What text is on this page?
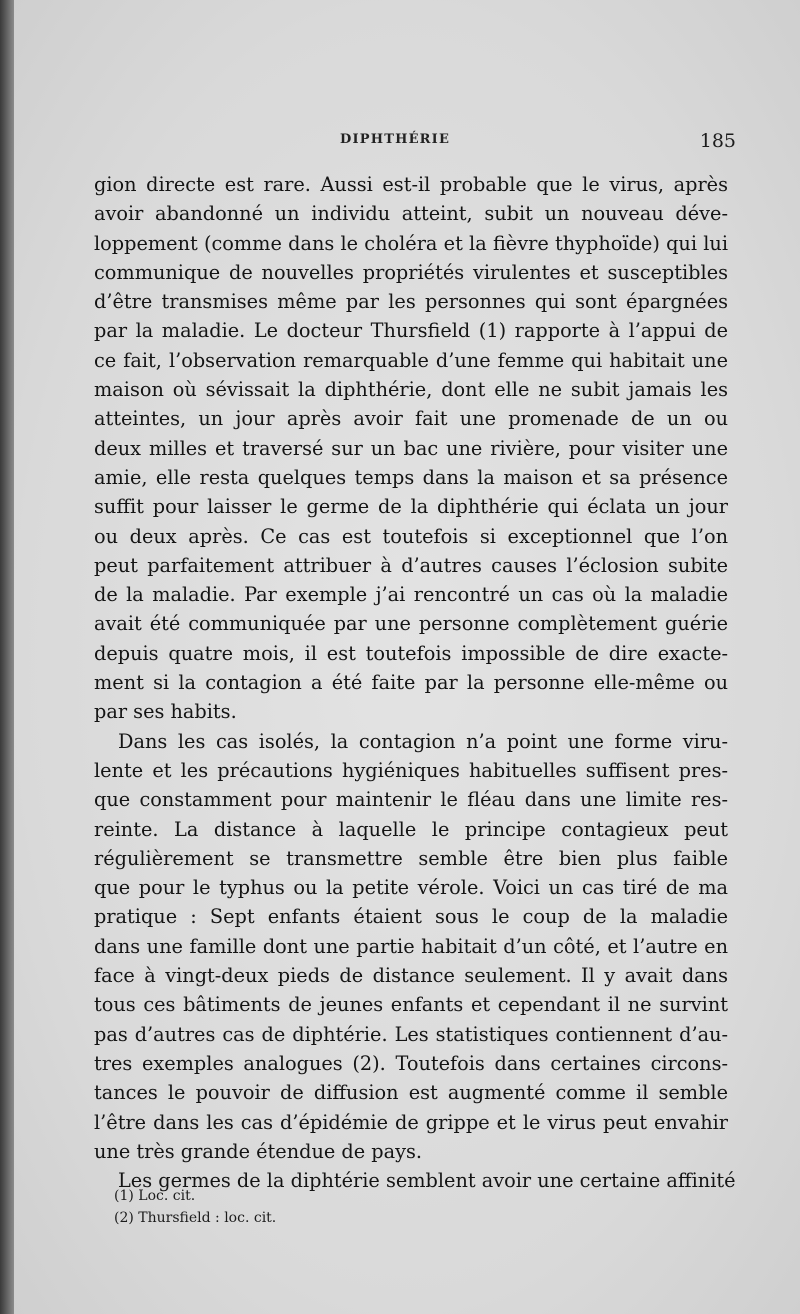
DIPHTHÉRIE	185
gion directe est rare. Aussi est-il probable que le virus, après
avoir abandonné un individu atteint, subit un nouveau déve-
loppement (comme dans le choléra et la fièvre thyphoïde) qui lui
communique de nouvelles propriétés virulentes et susceptibles
d’être transmises même par les personnes qui sont épargnées
par la maladie. Le docteur Thursfield (1) rapporte à l’appui de
ce fait, l’observation remarquable d’une femme qui habitait une
maison où sévissait la diphthérie, dont elle ne subit jamais les
atteintes, un jour après avoir fait une promenade de un ou
deux milles et traversé sur un bac une rivière, pour visiter une
amie, elle resta quelques temps dans la maison et sa présence
suffit pour laisser le germe de la diphthérie qui éclata un jour
ou deux après. Ce cas est toutefois si exceptionnel que l’on
peut parfaitement attribuer à d’autres causes l’éclosion subite
de la maladie. Par exemple j’ai rencontré un cas où la maladie
avait été communiquée par une personne complètement guérie
depuis quatre mois, il est toutefois impossible de dire exacte-
ment si la contagion a été faite par la personne elle-même ou
par ses habits.
Dans les cas isolés, la contagion n’a point une forme viru-
lente et les précautions hygiéniques habituelles suffisent pres-
que constamment pour maintenir le fléau dans une limite res-
reinte. La distance à laquelle le principe contagieux peut
régulièrement se transmettre semble être bien plus faible
que pour le typhus ou la petite vérole. Voici un cas tiré de ma
pratique : Sept enfants étaient sous le coup de la maladie
dans une famille dont une partie habitait d’un côté, et l’autre en
face à vingt-deux pieds de distance seulement. Il y avait dans
tous ces bâtiments de jeunes enfants et cependant il ne survint
pas d’autres cas de diphtérie. Les statistiques contiennent d’au-
tres exemples analogues (2). Toutefois dans certaines circons-
tances le pouvoir de diffusion est augmenté comme il semble
l’être dans les cas d’épidémie de grippe et le virus peut envahir
une très grande étendue de pays.
Les germes de la diphtérie semblent avoir une certaine affinité
(1) Loc. cit.
(2) Thursfield : loc. cit.
